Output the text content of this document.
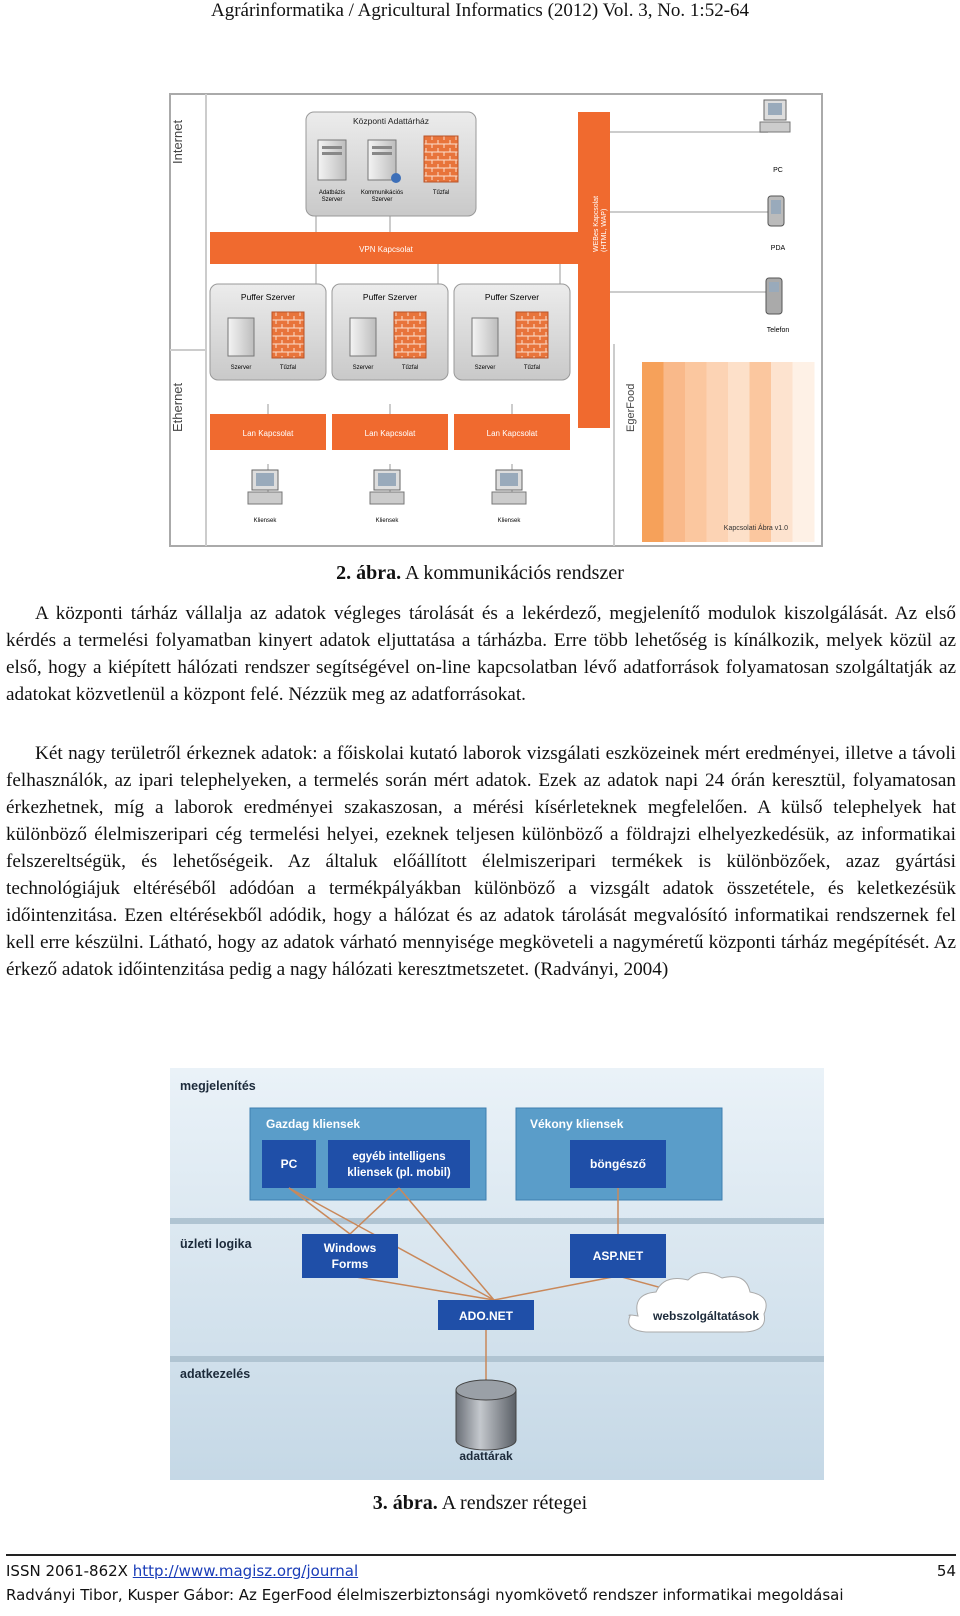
Agrárinformatika / Agricultural Informatics (2012) Vol. 3, No. 1:52-64
Internet
Ethernet
Központi Adattárház
Adatbázis
Szerver
Kommunikációs
Szerver
Tűzfal
VPN Kapcsolat	WEBes Kapcsolat (HTML, WAP)
Puffer Szerver
Szerver	Tűzfal
Puffer Szerver
Szerver	Tűzfal
Puffer Szerver
Szerver	Tűzfal
Lan Kapcsolat	Lan Kapcsolat	Lan Kapcsolat
Kliensek	Kliensek	Kliensek
EgerFood
Kapcsolati Ábra v1.0
PC
PDA
Telefon
2. ábra. A kommunikációs rendszer

A központi tárház vállalja az adatok végleges tárolását és a lekérdező, megjelenítő modulok kiszolgálását. Az első kérdés a termelési folyamatban kinyert adatok eljuttatása a tárházba. Erre több lehetőség is kínálkozik, melyek közül az első, hogy a kiépített hálózati rendszer segítségével on-line kapcsolatban lévő adatforrások folyamatosan szolgáltatják az adatokat közvetlenül a központ felé. Nézzük meg az adatforrásokat.

Két nagy területről érkeznek adatok: a főiskolai kutató laborok vizsgálati eszközeinek mért eredményei, illetve a távoli felhasználók, az ipari telephelyeken, a termelés során mért adatok. Ezek az adatok napi 24 órán keresztül, folyamatosan érkezhetnek, míg a laborok eredményei szakaszosan, a mérési kísérleteknek megfelelően. A külső telephelyek hat különböző élelmiszeripari cég termelési helyei, ezeknek teljesen különböző a földrajzi elhelyezkedésük, az informatikai felszereltségük, és lehetőségeik. Az általuk előállított élelmiszeripari termékek is különbözőek, azaz gyártási technológiájuk eltéréséből adódóan a termékpályákban különböző a vizsgált adatok összetétele, és keletkezésük időintenzitása. Ezen eltérésekből adódik, hogy a hálózat és az adatok tárolását megvalósító informatikai rendszernek fel kell erre készülni. Látható, hogy az adatok várható mennyisége megköveteli a nagyméretű központi tárház megépítését. Az érkező adatok időintenzitása pedig a nagy hálózati keresztmetszetet. (Radványi, 2004)

megjelenítés
üzleti logika
adatkezelés
Gazdag kliensek
PC	egyéb intelligens
kliensek (pl. mobil)
Vékony kliensek
böngésző
Windows
Forms
ASP.NET
ADO.NET	webszolgáltatások
adattárak
3. ábra. A rendszer rétegei
ISSN 2061-862X http://www.magisz.org/journal	54
Radványi Tibor, Kusper Gábor: Az EgerFood élelmiszerbiztonsági nyomkövető rendszer informatikai megoldásai
